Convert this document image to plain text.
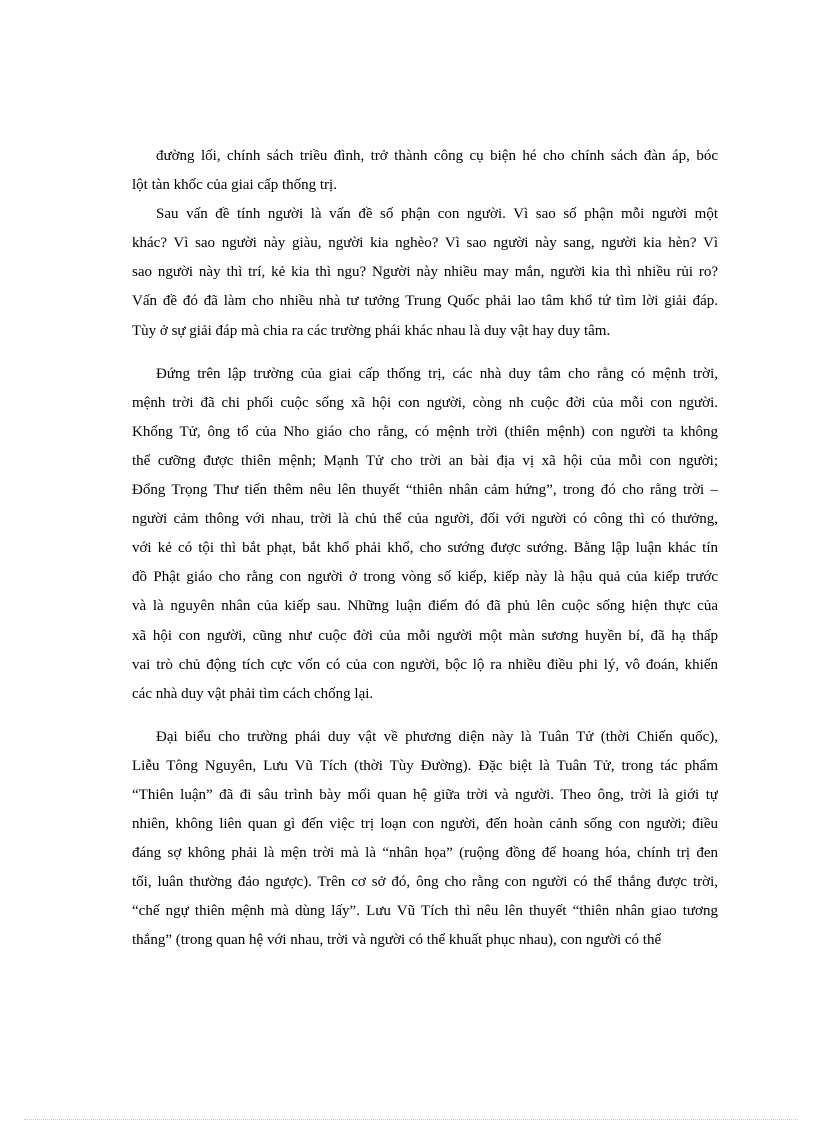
đường lối, chính sách triều đình, trở thành công cụ biện hé cho chính sách đàn áp, bóc
lột tàn khốc của giai cấp thống trị.
Sau vấn đề tính người là vấn đề số phận con người. Vì sao số phận mỗi người một
khác? Vì sao người này giàu, người kia nghèo? Vì sao người này sang, người kia hèn? Vì
sao người này thì trí, kẻ kia thì ngu? Người này nhiều may mắn, người kia thì nhiều rủi ro?
Vấn đề đó đã làm cho nhiều nhà tư tưởng Trung Quốc phải lao tâm khổ tứ tìm lời giải đáp.
Tùy ở sự giải đáp mà chia ra các trường phái khác nhau là duy vật hay duy tâm.
Đứng trên lập trường của giai cấp thống trị, các nhà duy tâm cho rằng có mệnh trời,
mệnh trời đã chi phối cuộc sống xã hội con người, còng nh cuộc đời của mỗi con người.
Khổng Tử, ông tổ của Nho giáo cho rằng, có mệnh trời (thiên mệnh) con người ta không
thể cưỡng được thiên mệnh; Mạnh Tử cho trời an bài địa vị xã hội của mỗi con người;
Đổng Trọng Thư tiến thêm nêu lên thuyết “thiên nhân cảm hứng”, trong đó cho rằng trời –
người cảm thông với nhau, trời là chủ thể của người, đối với người có công thì có thưởng,
với kẻ có tội thì bắt phạt, bắt khổ phải khổ, cho sướng được sướng. Bằng lập luận khác tín
đồ Phật giáo cho rằng con người ở trong vòng số kiếp, kiếp này là hậu quả của kiếp trước
và là nguyên nhân của kiếp sau. Những luận điểm đó đã phủ lên cuộc sống hiện thực của
xã hội con người, cũng như cuộc đời của mỗi người một màn sương huyền bí, đã hạ thấp
vai trò chủ động tích cực vốn có của con người, bộc lộ ra nhiều điều phi lý, vô đoán, khiến
các nhà duy vật phải tìm cách chống lại.
Đại biểu cho trường phái duy vật về phương diện này là Tuân Tử (thời Chiến quốc),
Liễu Tông Nguyên, Lưu Vũ Tích (thời Tùy Đường). Đặc biệt là Tuân Tử, trong tác phẩm
“Thiên luận” đã đi sâu trình bày mối quan hệ giữa trời và người. Theo ông, trời là giới tự
nhiên, không liên quan gì đến việc trị loạn con người, đến hoàn cảnh sống con người; điều
đáng sợ không phải là mện trời mà là “nhân họa” (ruộng đồng để hoang hóa, chính trị đen
tối, luân thường đảo ngược). Trên cơ sở đó, ông cho rằng con người có thể thắng được trời,
“chế ngự thiên mệnh mà dùng lấy”. Lưu Vũ Tích thì nêu lên thuyết “thiên nhân giao tương
thắng” (trong quan hệ với nhau, trời và người có thể khuất phục nhau), con người có thể
